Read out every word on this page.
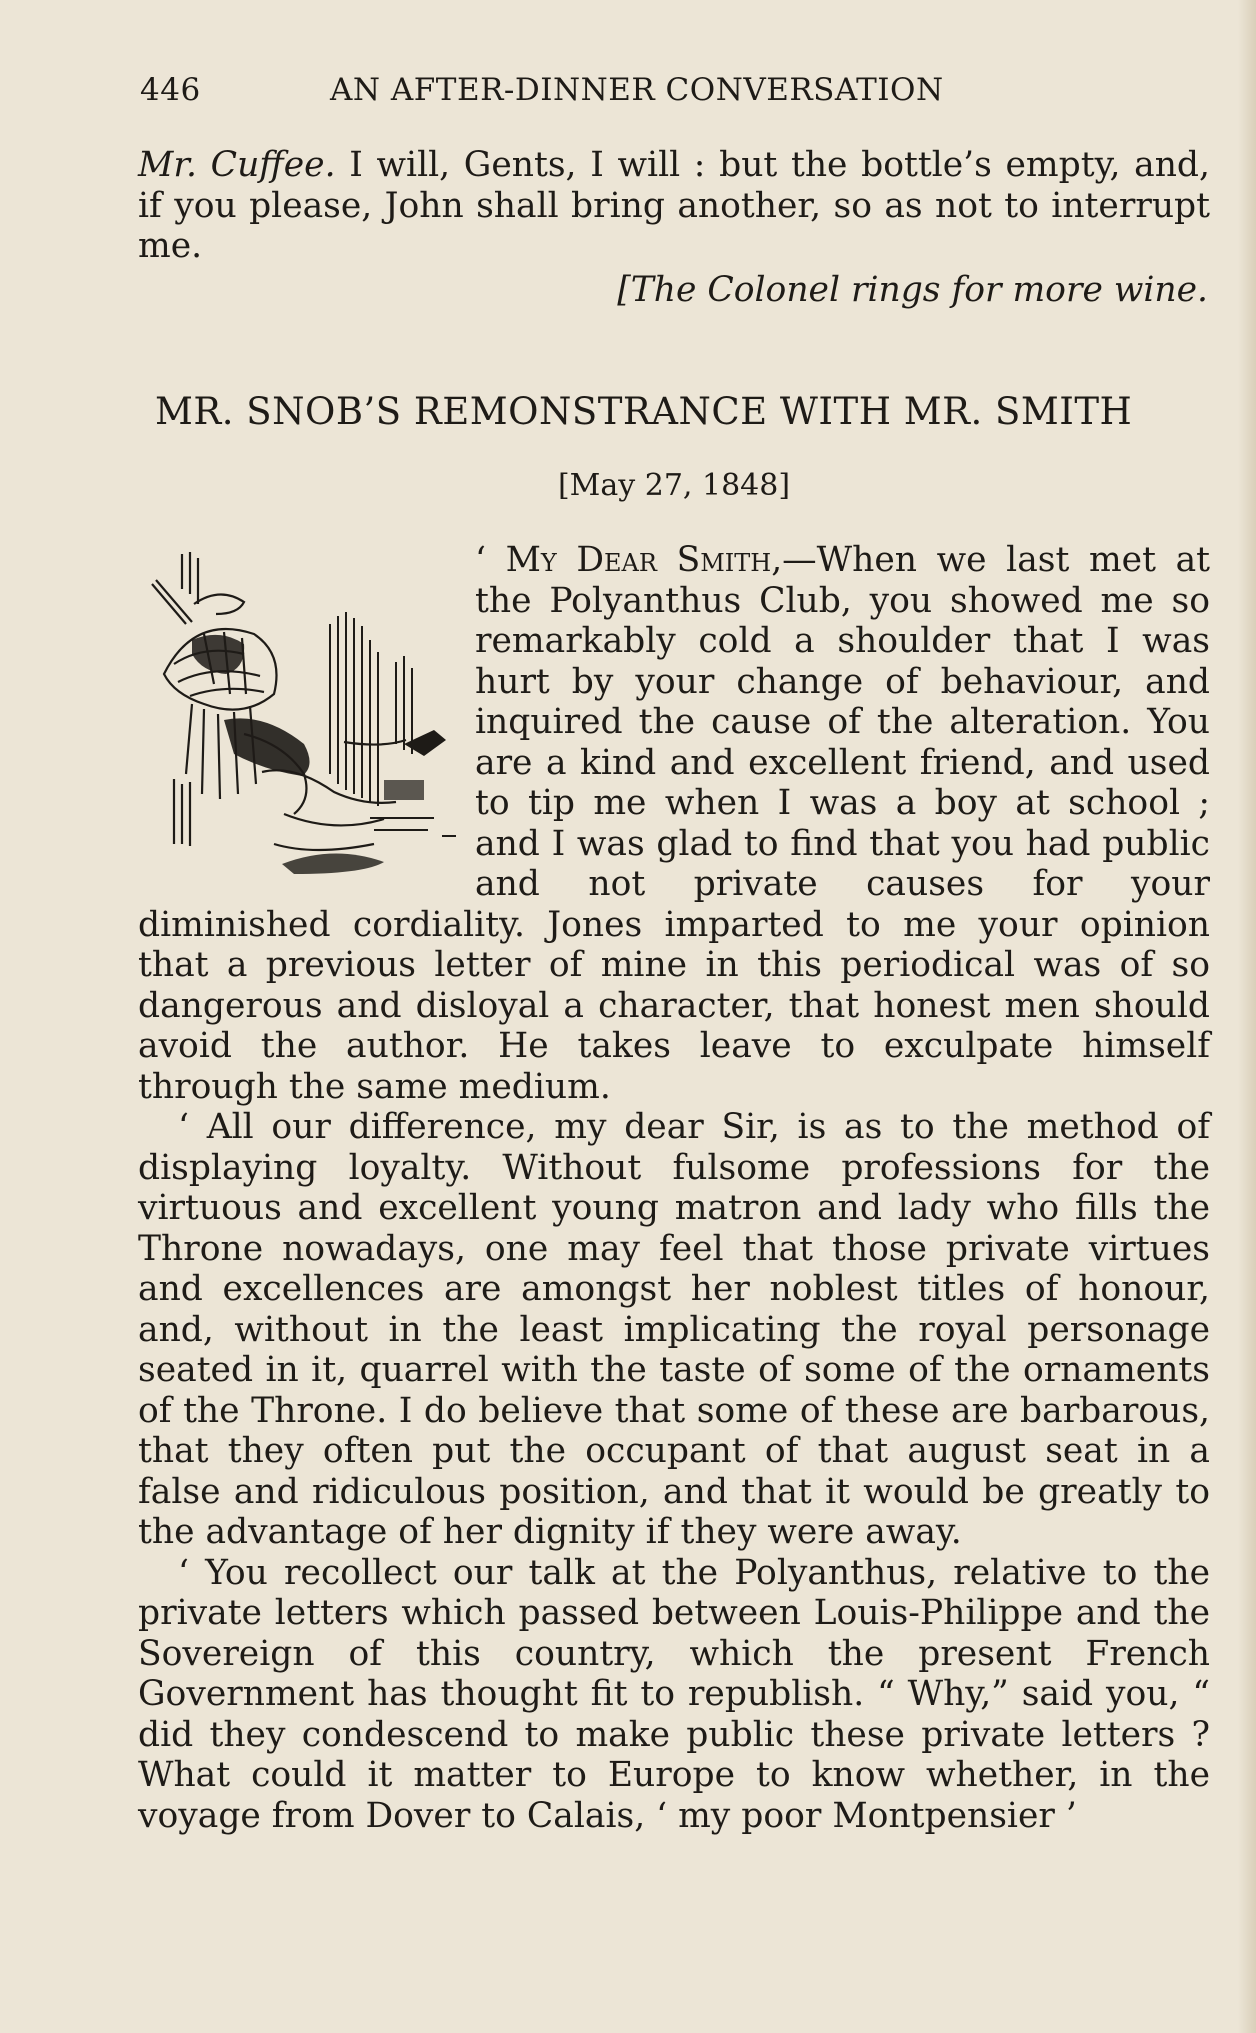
446	AN AFTER-DINNER CONVERSATION

Mr. Cuffee. I will, Gents, I will : but the bottle’s empty, and, if you please, John shall bring another, so as not to interrupt me.

[The Colonel rings for more wine.
MR. SNOB’S REMONSTRANCE WITH MR. SMITH
[May 27, 1848]

‘ My Dear Smith,—When we last met at the Polyanthus Club, you showed me so remarkably cold a shoulder that I was hurt by your change of behaviour, and inquired the cause of the alteration. You are a kind and excellent friend, and used to tip me when I was a boy at school ; and I was glad to find that you had public and not private causes for your diminished cordiality. Jones imparted to me your opinion that a previous letter of mine in this periodical was of so dangerous and disloyal a character, that honest men should avoid the author. He takes leave to exculpate himself through the same medium.

‘ All our difference, my dear Sir, is as to the method of displaying loyalty. Without fulsome professions for the virtuous and excellent young matron and lady who fills the Throne nowadays, one may feel that those private virtues and excellences are amongst her noblest titles of honour, and, without in the least implicating the royal personage seated in it, quarrel with the taste of some of the ornaments of the Throne. I do believe that some of these are barbarous, that they often put the occupant of that august seat in a false and ridiculous position, and that it would be greatly to the advantage of her dignity if they were away.

‘ You recollect our talk at the Polyanthus, relative to the private letters which passed between Louis-Philippe and the Sovereign of this country, which the present French Government has thought fit to republish. “ Why,” said you, “ did they condescend to make public these private letters ? What could it matter to Europe to know whether, in the voyage from Dover to Calais, ‘ my poor Montpensier ’
